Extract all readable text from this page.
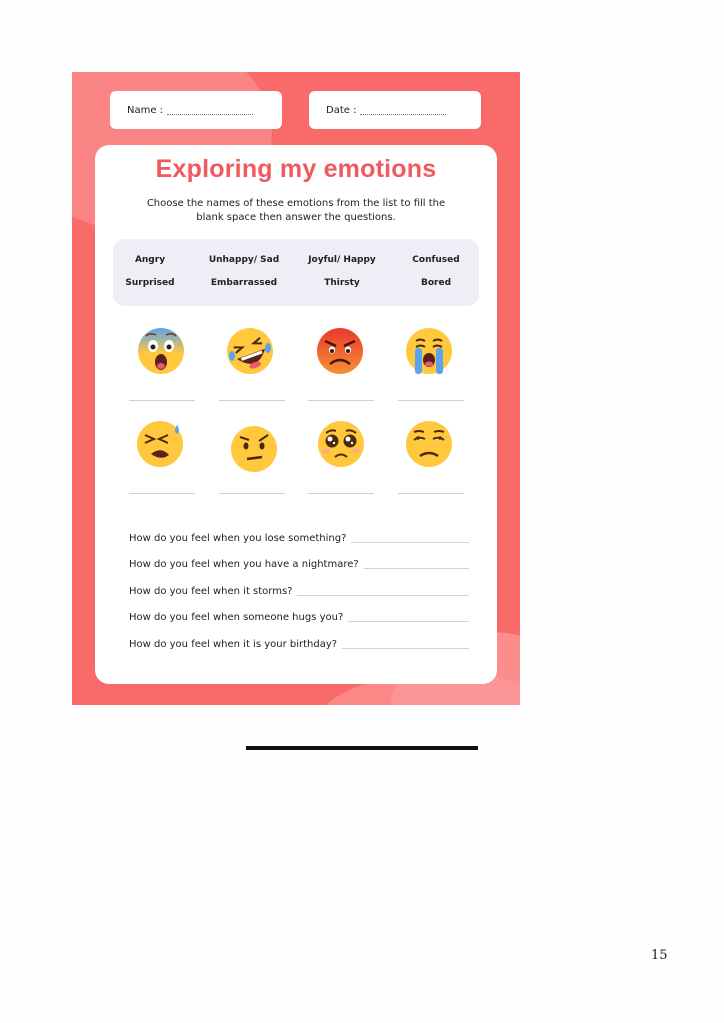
Name :	Date :
Exploring my emotions
Choose the names of these emotions from the list to fill the
blank space then answer the questions.
Angry	Unhappy/ Sad	Joyful/ Happy	Confused
Surprised	Embarrassed	Thirsty	Bored
How do you feel when you lose something?
How do you feel when you have a nightmare?
How do you feel when it storms?
How do you feel when someone hugs you?
How do you feel when it is your birthday?
15
